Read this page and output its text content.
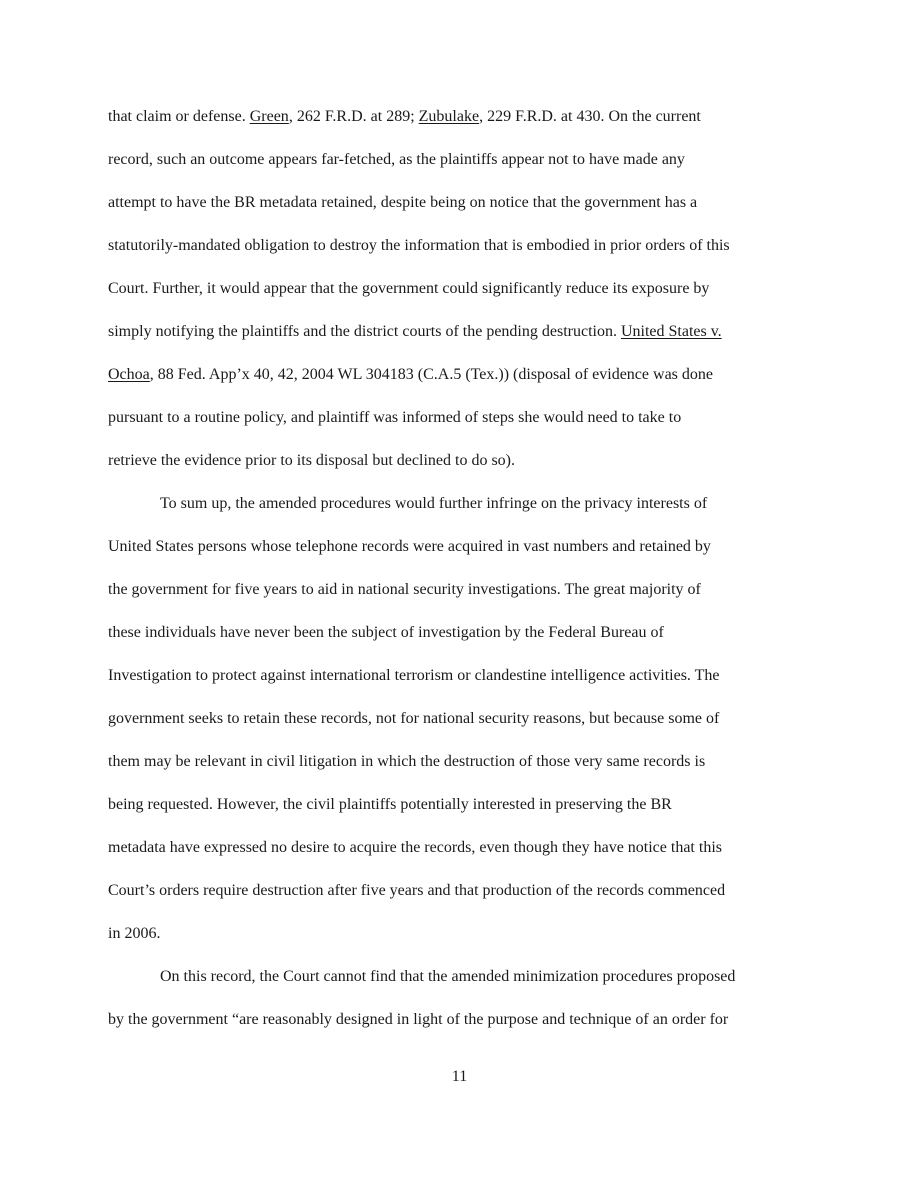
that claim or defense. Green, 262 F.R.D. at 289; Zubulake, 229 F.R.D. at 430. On the current
record, such an outcome appears far-fetched, as the plaintiffs appear not to have made any
attempt to have the BR metadata retained, despite being on notice that the government has a
statutorily-mandated obligation to destroy the information that is embodied in prior orders of this
Court. Further, it would appear that the government could significantly reduce its exposure by
simply notifying the plaintiffs and the district courts of the pending destruction. United States v.
Ochoa, 88 Fed. App’x 40, 42, 2004 WL 304183 (C.A.5 (Tex.)) (disposal of evidence was done
pursuant to a routine policy, and plaintiff was informed of steps she would need to take to
retrieve the evidence prior to its disposal but declined to do so).
To sum up, the amended procedures would further infringe on the privacy interests of
United States persons whose telephone records were acquired in vast numbers and retained by
the government for five years to aid in national security investigations. The great majority of
these individuals have never been the subject of investigation by the Federal Bureau of
Investigation to protect against international terrorism or clandestine intelligence activities. The
government seeks to retain these records, not for national security reasons, but because some of
them may be relevant in civil litigation in which the destruction of those very same records is
being requested. However, the civil plaintiffs potentially interested in preserving the BR
metadata have expressed no desire to acquire the records, even though they have notice that this
Court’s orders require destruction after five years and that production of the records commenced
in 2006.
On this record, the Court cannot find that the amended minimization procedures proposed
by the government “are reasonably designed in light of the purpose and technique of an order for
11
